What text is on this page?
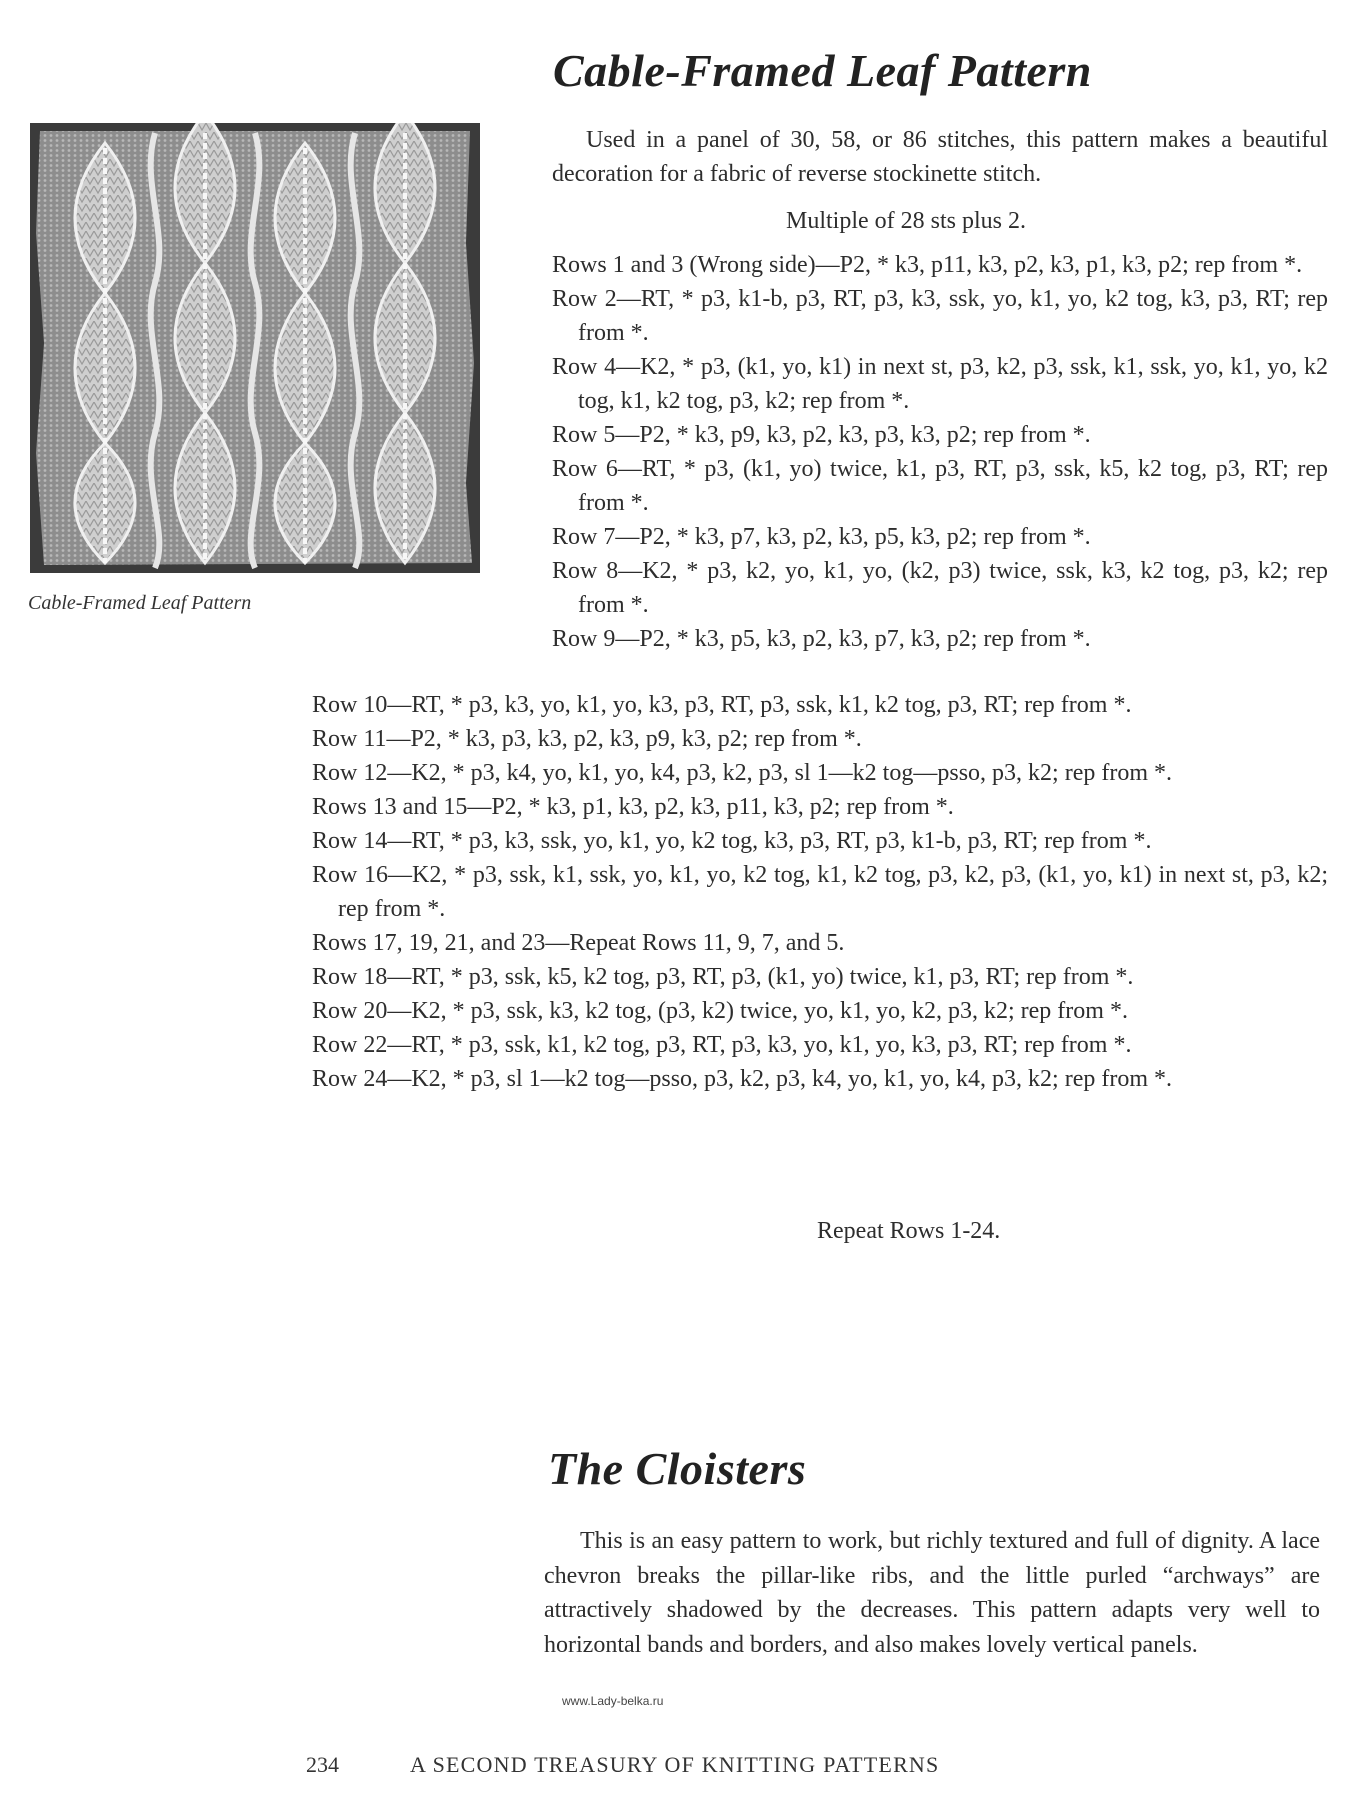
Cable-Framed Leaf Pattern
Cable-Framed Leaf Pattern

Used in a panel of 30, 58, or 86 stitches, this pattern makes a beautiful decoration for a fabric of reverse stockinette stitch.

Multiple of 28 sts plus 2.
Rows 1 and 3 (Wrong side)—P2, * k3, p11, k3, p2, k3, p1, k3, p2; rep from *.
Row 2—RT, * p3, k1-b, p3, RT, p3, k3, ssk, yo, k1, yo, k2 tog, k3, p3, RT; rep from *.
Row 4—K2, * p3, (k1, yo, k1) in next st, p3, k2, p3, ssk, k1, ssk, yo, k1, yo, k2 tog, k1, k2 tog, p3, k2; rep from *.
Row 5—P2, * k3, p9, k3, p2, k3, p3, k3, p2; rep from *.
Row 6—RT, * p3, (k1, yo) twice, k1, p3, RT, p3, ssk, k5, k2 tog, p3, RT; rep from *.
Row 7—P2, * k3, p7, k3, p2, k3, p5, k3, p2; rep from *.
Row 8—K2, * p3, k2, yo, k1, yo, (k2, p3) twice, ssk, k3, k2 tog, p3, k2; rep from *.
Row 9—P2, * k3, p5, k3, p2, k3, p7, k3, p2; rep from *.
Row 10—RT, * p3, k3, yo, k1, yo, k3, p3, RT, p3, ssk, k1, k2 tog, p3, RT; rep from *.
Row 11—P2, * k3, p3, k3, p2, k3, p9, k3, p2; rep from *.
Row 12—K2, * p3, k4, yo, k1, yo, k4, p3, k2, p3, sl 1—k2 tog—psso, p3, k2; rep from *.
Rows 13 and 15—P2, * k3, p1, k3, p2, k3, p11, k3, p2; rep from *.
Row 14—RT, * p3, k3, ssk, yo, k1, yo, k2 tog, k3, p3, RT, p3, k1-b, p3, RT; rep from *.
Row 16—K2, * p3, ssk, k1, ssk, yo, k1, yo, k2 tog, k1, k2 tog, p3, k2, p3, (k1, yo, k1) in next st, p3, k2; rep from *.
Rows 17, 19, 21, and 23—Repeat Rows 11, 9, 7, and 5.
Row 18—RT, * p3, ssk, k5, k2 tog, p3, RT, p3, (k1, yo) twice, k1, p3, RT; rep from *.
Row 20—K2, * p3, ssk, k3, k2 tog, (p3, k2) twice, yo, k1, yo, k2, p3, k2; rep from *.
Row 22—RT, * p3, ssk, k1, k2 tog, p3, RT, p3, k3, yo, k1, yo, k3, p3, RT; rep from *.
Row 24—K2, * p3, sl 1—k2 tog—psso, p3, k2, p3, k4, yo, k1, yo, k4, p3, k2; rep from *.
Repeat Rows 1-24.
The Cloisters

This is an easy pattern to work, but richly textured and full of dignity. A lace chevron breaks the pillar-like ribs, and the little purled “archways” are attractively shadowed by the decreases. This pattern adapts very well to horizontal bands and borders, and also makes lovely vertical panels.

www.Lady-belka.ru
234	A SECOND TREASURY OF KNITTING PATTERNS
